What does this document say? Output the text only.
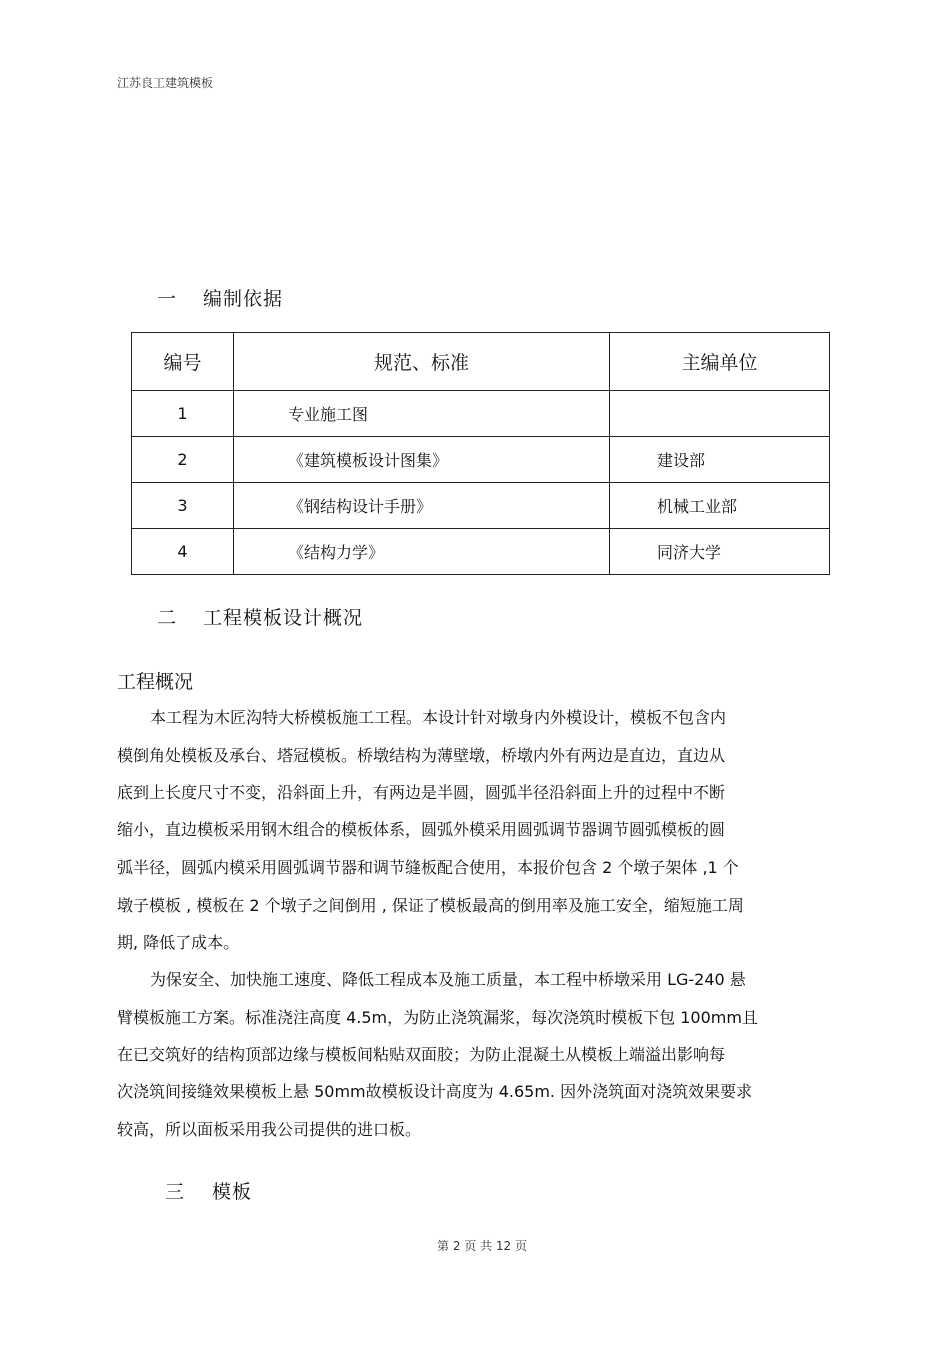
江苏良工建筑模板
一 编制依据
编号	规范、标准	主编单位
1	专业施工图	
2	《建筑模板设计图集》	建设部
3	《钢结构设计手册》	机械工业部
4	《结构力学》	同济大学
二 工程模板设计概况
工程概况
本工程为木匠沟特大桥模板施工工程。本设计针对墩身内外模设计，模板不包含内
模倒角处模板及承台、塔冠模板。桥墩结构为薄壁墩，桥墩内外有两边是直边，直边从
底到上长度尺寸不变，沿斜面上升，有两边是半圆，圆弧半径沿斜面上升的过程中不断
缩小，直边模板采用钢木组合的模板体系，圆弧外模采用圆弧调节器调节圆弧模板的圆
弧半径，圆弧内模采用圆弧调节器和调节缝板配合使用，本报价包含 2 个墩子架体 ,1 个
墩子模板 , 模板在 2 个墩子之间倒用 , 保证了模板最高的倒用率及施工安全，缩短施工周
期, 降低了成本。
为保安全、加快施工速度、降低工程成本及施工质量，本工程中桥墩采用 LG-240 悬
臂模板施工方案。标准浇注高度 4.5m，为防止浇筑漏浆，每次浇筑时模板下包 100mm且
在已交筑好的结构顶部边缘与模板间粘贴双面胶；为防止混凝土从模板上端溢出影响每
次浇筑间接缝效果模板上悬 50mm故模板设计高度为 4.65m. 因外浇筑面对浇筑效果要求
较高，所以面板采用我公司提供的进口板。
三 模板
第 2 页 共 12 页
